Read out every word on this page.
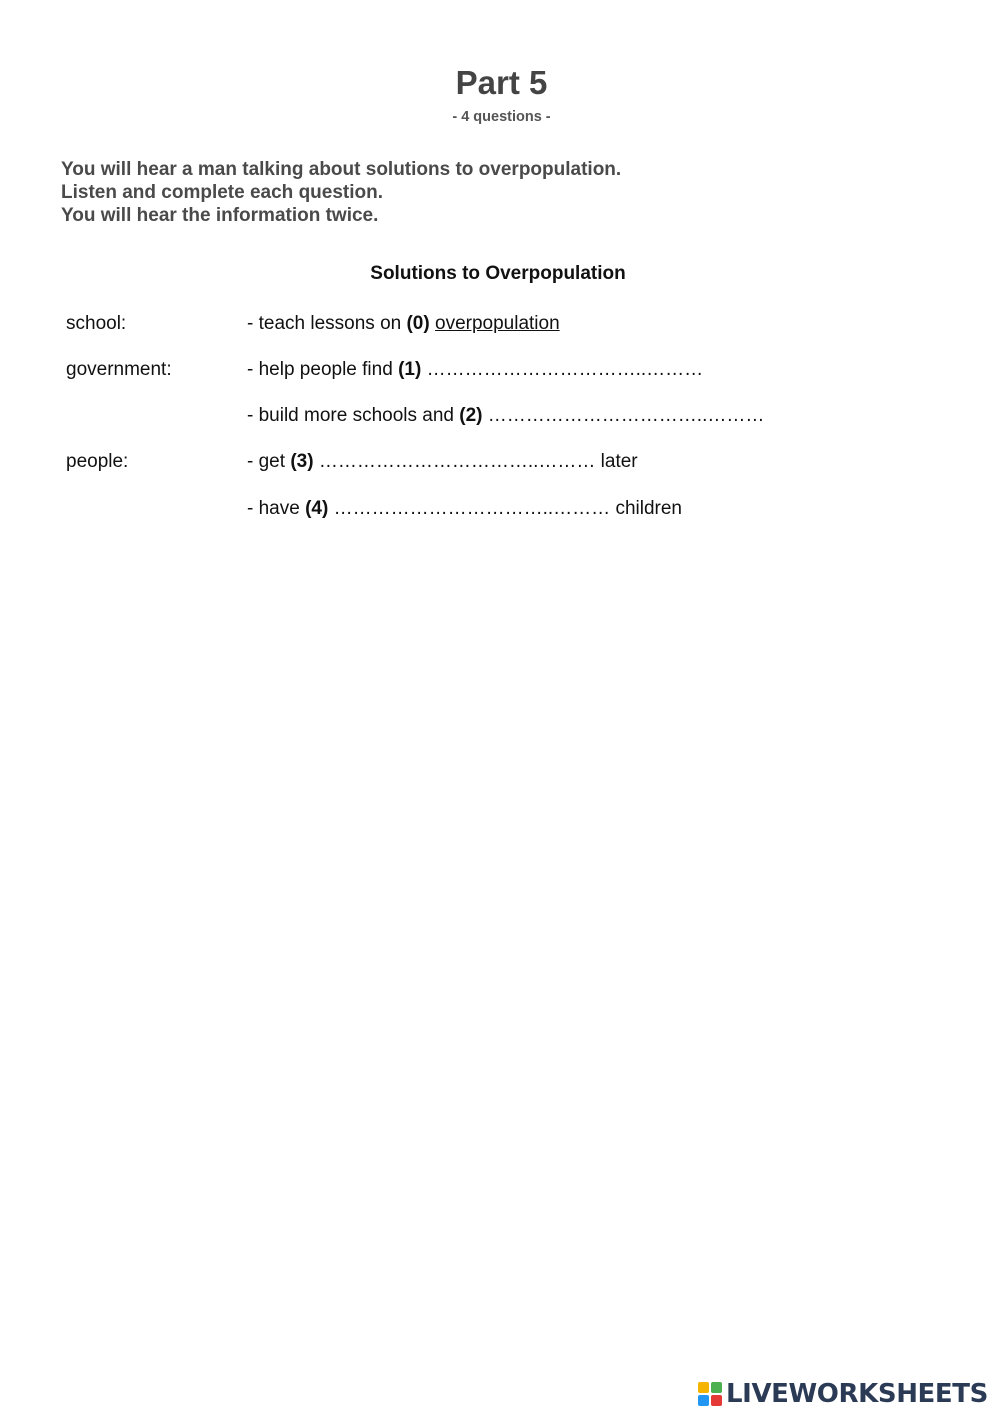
Part 5
- 4 questions -
You will hear a man talking about solutions to overpopulation.
Listen and complete each question.
You will hear the information twice.
Solutions to Overpopulation
school:	- teach lessons on (0) overpopulation
government:	- help people find (1) ……………………………..………
- build more schools and (2) ……………………………..………
people:	- get (3) ……………………………..……… later
- have (4) ……………………………..……… children
LIVEWORKSHEETS
